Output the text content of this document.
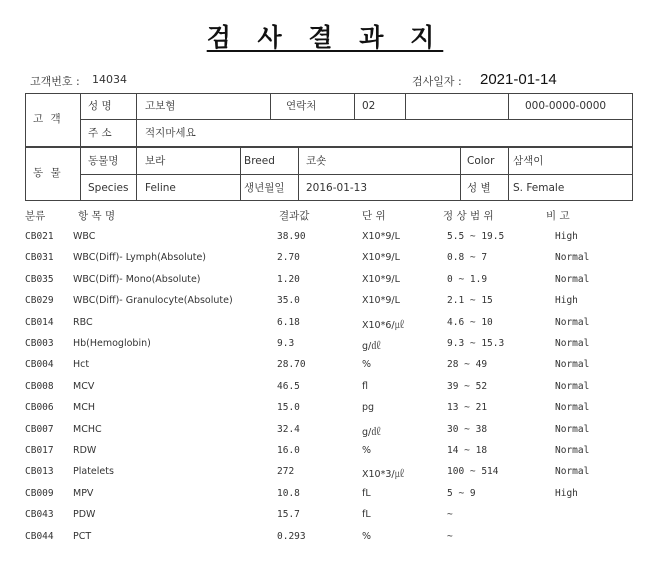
검 사 결 과 지
고객번호 : 14034	검사일자 : 2021-01-14
고 객
성 명	고보혐	연락처	02	000-0000-0000
주 소	적지마세요
동 물
동물명	보라	Breed	코숏	Color 삼색이
Species Feline	생년월일 2016-01-13	성 별 S. Female
분류	항 목 명	결과값	단 위	정 상 범 위	비 고
CB021 WBC	38.90	X10*9/L	5.5 ~ 19.5	High
CB031 WBC(Diff)- Lymph(Absolute)	2.70	X10*9/L	0.8 ~ 7	Normal
CB035 WBC(Diff)- Mono(Absolute)	1.20	X10*9/L	0 ~ 1.9	Normal
CB029 WBC(Diff)- Granulocyte(Absolute)	35.0	X10*9/L	2.1 ~ 15	High
CB014 RBC	6.18	X10*6/㎕	4.6 ~ 10	Normal
CB003 Hb(Hemoglobin)	9.3	g/㎗	9.3 ~ 15.3	Normal
CB004 Hct	28.70	%	28 ~ 49	Normal
CB008 MCV	46.5	fl	39 ~ 52	Normal
CB006 MCH	15.0	pg	13 ~ 21	Normal
CB007 MCHC	32.4	g/㎗	30 ~ 38	Normal
CB017 RDW	16.0	%	14 ~ 18	Normal
CB013 Platelets	272	X10*3/㎕	100 ~ 514	Normal
CB009 MPV	10.8	fL	5 ~ 9	High
CB043 PDW	15.7	fL	~
CB044 PCT	0.293	%	~
